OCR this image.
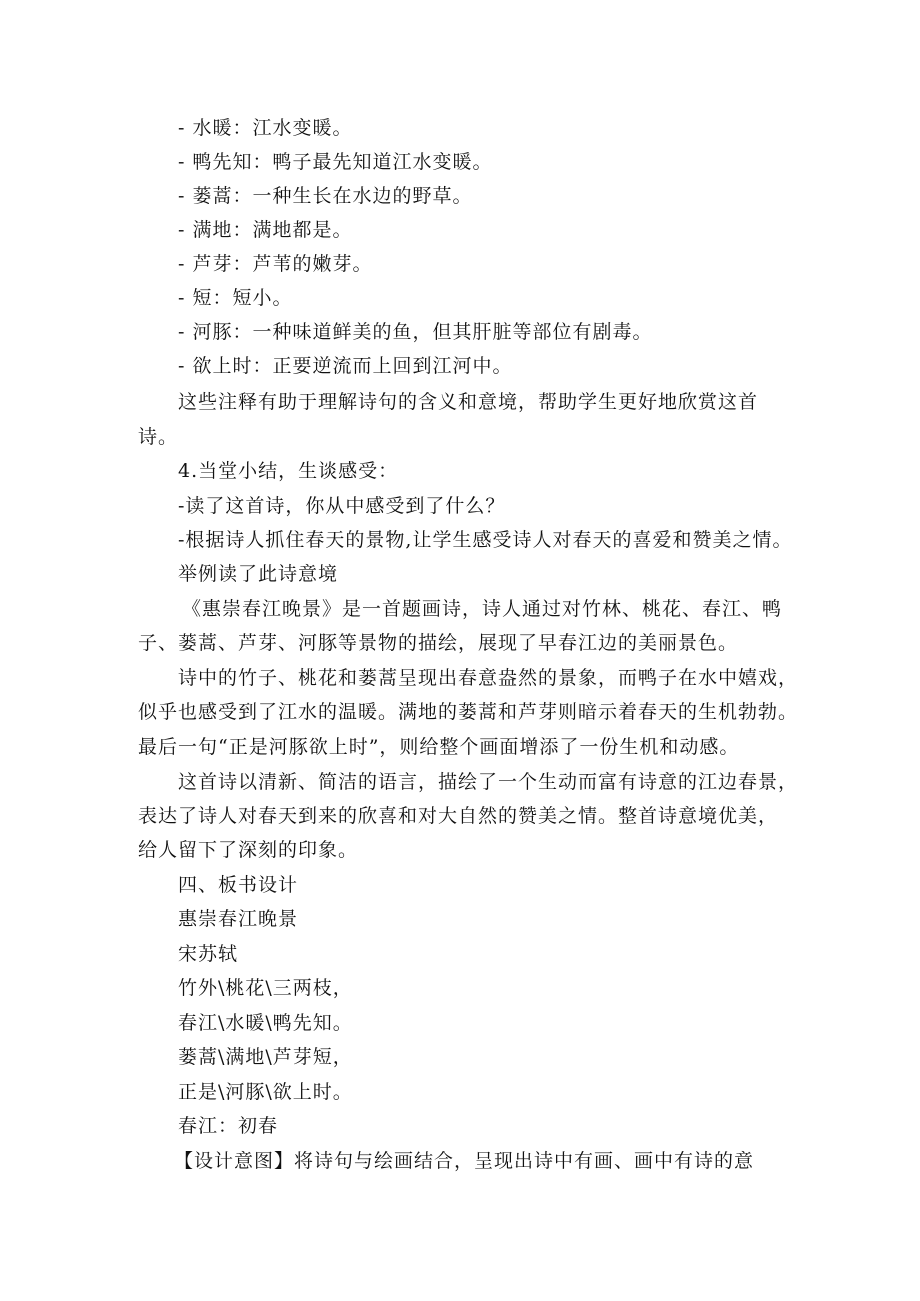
- 水暖：江水变暖。
- 鸭先知：鸭子最先知道江水变暖。
- 蒌蒿：一种生长在水边的野草。
- 满地：满地都是。
- 芦芽：芦苇的嫩芽。
- 短：短小。
- 河豚：一种味道鲜美的鱼，但其肝脏等部位有剧毒。
- 欲上时：正要逆流而上回到江河中。
这些注释有助于理解诗句的含义和意境，帮助学生更好地欣赏这首
诗。
4.当堂小结，生谈感受：
-读了这首诗，你从中感受到了什么？
-根据诗人抓住春天的景物,让学生感受诗人对春天的喜爱和赞美之情。
举例读了此诗意境
《惠崇春江晚景》是一首题画诗，诗人通过对竹林、桃花、春江、鸭
子、蒌蒿、芦芽、河豚等景物的描绘，展现了早春江边的美丽景色。
诗中的竹子、桃花和蒌蒿呈现出春意盎然的景象，而鸭子在水中嬉戏，
似乎也感受到了江水的温暖。满地的蒌蒿和芦芽则暗示着春天的生机勃勃。
最后一句“正是河豚欲上时”，则给整个画面增添了一份生机和动感。
这首诗以清新、简洁的语言，描绘了一个生动而富有诗意的江边春景，
表达了诗人对春天到来的欣喜和对大自然的赞美之情。整首诗意境优美，
给人留下了深刻的印象。
四、板书设计
惠崇春江晚景
宋苏轼
竹外\桃花\三两枝，
春江\水暖\鸭先知。
蒌蒿\满地\芦芽短，
正是\河豚\欲上时。
春江：初春
【设计意图】将诗句与绘画结合，呈现出诗中有画、画中有诗的意
